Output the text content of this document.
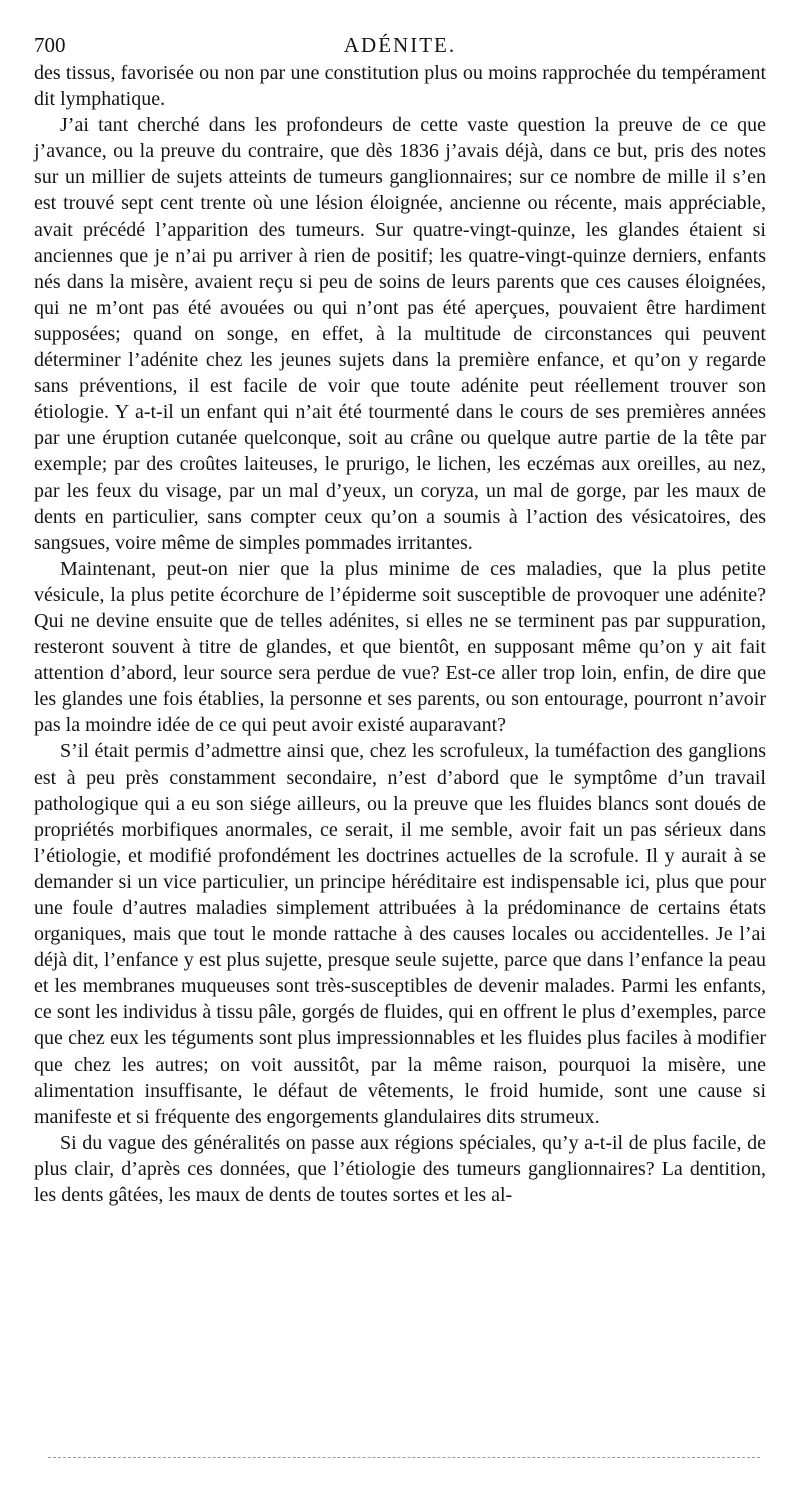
700	ADÉNITE.

des tissus, favorisée ou non par une constitution plus ou moins rapprochée du tempérament dit lymphatique.

J’ai tant cherché dans les profondeurs de cette vaste question la preuve de ce que j’avance, ou la preuve du contraire, que dès 1836 j’avais déjà, dans ce but, pris des notes sur un millier de sujets atteints de tumeurs ganglionnaires; sur ce nombre de mille il s’en est trouvé sept cent trente où une lésion éloignée, ancienne ou récente, mais appréciable, avait précédé l’apparition des tumeurs. Sur quatre-vingt-quinze, les glandes étaient si anciennes que je n’ai pu arriver à rien de positif; les quatre-vingt-quinze derniers, enfants nés dans la misère, avaient reçu si peu de soins de leurs parents que ces causes éloignées, qui ne m’ont pas été avouées ou qui n’ont pas été aperçues, pouvaient être hardiment supposées; quand on songe, en effet, à la multitude de circonstances qui peuvent déterminer l’adénite chez les jeunes sujets dans la première enfance, et qu’on y regarde sans préventions, il est facile de voir que toute adénite peut réellement trouver son étiologie. Y a-t-il un enfant qui n’ait été tourmenté dans le cours de ses premières années par une éruption cutanée quelconque, soit au crâne ou quelque autre partie de la tête par exemple; par des croûtes laiteuses, le prurigo, le lichen, les eczémas aux oreilles, au nez, par les feux du visage, par un mal d’yeux, un coryza, un mal de gorge, par les maux de dents en particulier, sans compter ceux qu’on a soumis à l’action des vésicatoires, des sangsues, voire même de simples pommades irritantes.

Maintenant, peut-on nier que la plus minime de ces maladies, que la plus petite vésicule, la plus petite écorchure de l’épiderme soit susceptible de provoquer une adénite? Qui ne devine ensuite que de telles adénites, si elles ne se terminent pas par suppuration, resteront souvent à titre de glandes, et que bientôt, en supposant même qu’on y ait fait attention d’abord, leur source sera perdue de vue? Est-ce aller trop loin, enfin, de dire que les glandes une fois établies, la personne et ses parents, ou son entourage, pourront n’avoir pas la moindre idée de ce qui peut avoir existé auparavant?

S’il était permis d’admettre ainsi que, chez les scrofuleux, la tuméfaction des ganglions est à peu près constamment secondaire, n’est d’abord que le symptôme d’un travail pathologique qui a eu son siége ailleurs, ou la preuve que les fluides blancs sont doués de propriétés morbifiques anormales, ce serait, il me semble, avoir fait un pas sérieux dans l’étiologie, et modifié profondément les doctrines actuelles de la scrofule. Il y aurait à se demander si un vice particulier, un principe héréditaire est indispensable ici, plus que pour une foule d’autres maladies simplement attribuées à la prédominance de certains états organiques, mais que tout le monde rattache à des causes locales ou accidentelles. Je l’ai déjà dit, l’enfance y est plus sujette, presque seule sujette, parce que dans l’enfance la peau et les membranes muqueuses sont très-susceptibles de devenir malades. Parmi les enfants, ce sont les individus à tissu pâle, gorgés de fluides, qui en offrent le plus d’exemples, parce que chez eux les téguments sont plus impressionnables et les fluides plus faciles à modifier que chez les autres; on voit aussitôt, par la même raison, pourquoi la misère, une alimentation insuffisante, le défaut de vêtements, le froid humide, sont une cause si manifeste et si fréquente des engorgements glandulaires dits strumeux.

Si du vague des généralités on passe aux régions spéciales, qu’y a-t-il de plus facile, de plus clair, d’après ces données, que l’étiologie des tumeurs ganglionnaires? La dentition, les dents gâtées, les maux de dents de toutes sortes et les al-
